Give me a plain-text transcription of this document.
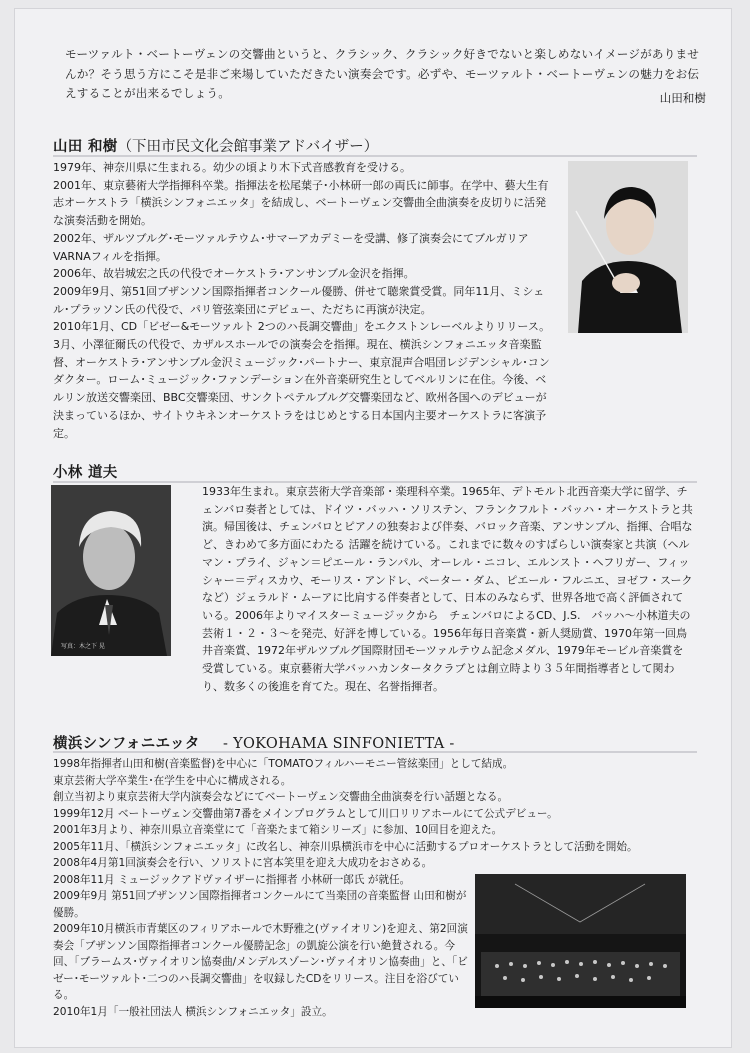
モーツァルト・ベートーヴェンの交響曲というと、クラシック、クラシック好きでないと楽しめないイメージがありませんか？そう思う方にこそ是非ご来場していただきたい演奏会です。必ずや、モーツァルト・ベートーヴェンの魅力をお伝えすることが出来るでしょう。	山田和樹
山田 和樹（下田市民文化会館事業アドバイザー）

1979年、神奈川県に生まれる。幼少の頃より木下式音感教育を受ける。

2001年、東京藝術大学指揮科卒業。指揮法を松尾葉子･小林研一郎の両氏に師事。在学中、藝大生有志オーケストラ「横浜シンフォニエッタ」を結成し、ベートーヴェン交響曲全曲演奏を皮切りに活発な演奏活動を開始。

2002年、ザルツブルグ･モーツァルテウム･サマーアカデミーを受講、修了演奏会にてブルガリアVARNAフィルを指揮。

2006年、故岩城宏之氏の代役でオーケストラ･アンサンブル金沢を指揮。

2009年9月、第51回ブザンソン国際指揮者コンクール優勝、併せて聴衆賞受賞。同年11月、ミシェル･プラッソン氏の代役で、パリ管弦楽団にデビュー、ただちに再演が決定。

2010年1月、CD「ビゼー&モーツァルト 2つのハ長調交響曲」をエクストンレーベルよりリリース。3月、小澤征爾氏の代役で、カザルスホールでの演奏会を指揮。現在、横浜シンフォニエッタ音楽監督、オーケストラ･アンサンブル金沢ミュージック･パートナー、東京混声合唱団レジデンシャル･コンダクター。ローム･ミュージック･ファンデーション在外音楽研究生としてベルリンに在住。今後、ベルリン放送交響楽団、BBC交響楽団、サンクトペテルブルグ交響楽団など、欧州各国へのデビューが決まっているほか、サイトウキネンオーケストラをはじめとする日本国内主要オーケストラに客演予定。

小林 道夫
写真：木之下 晃
1933年生まれ。東京芸術大学音楽部・楽理科卒業。1965年、デトモルト北西音楽大学に留学、チェンバロ奏者としては、ドイツ・バッハ・ソリステン、フランクフルト・バッハ・オーケストラと共演。帰国後は、チェンバロとピアノの独奏および伴奏、バロック音楽、アンサンブル、指揮、合唱など、きわめて多方面にわたる 活躍を続けている。これまでに数々のすばらしい演奏家と共演（ヘルマン・プライ、ジャン＝ピエール・ランパル、オーレル・ニコレ、エルンスト・ヘフリガー、フィッシャー＝ディスカウ、モーリス・アンドレ、ペーター・ダム、ピエール・フルニエ、ヨゼフ・スークなど）ジェラルド・ムーアに比肩する伴奏者として、日本のみならず、世界各地で高く評価されている。2006年よりマイスターミュージックから　チェンバロによるCD、J.S.　バッハ〜小林道夫の芸術１・２・３〜を発売、好評を博している。1956年毎日音楽賞・新人奨励賞、1970年第一回鳥井音楽賞、1972年ザルツブルグ国際財団モーツァルテウム記念メダル、1979年モービル音楽賞を受賞している。東京藝術大学バッハカンタータクラブとは創立時より３５年間指導者として関わり、数多くの後進を育てた。現在、名誉指揮者。
横浜シンフォニエッタ - YOKOHAMA SINFONIETTA -

1998年指揮者山田和樹(音楽監督)を中心に「TOMATOフィルハーモニー管絃楽団」として結成。

東京芸術大学卒業生･在学生を中心に構成される。

創立当初より東京芸術大学内演奏会などにてベートーヴェン交響曲全曲演奏を行い話題となる。

1999年12月 ベートーヴェン交響曲第7番をメインプログラムとして川口リリアホールにて公式デビュー。

2001年3月より、神奈川県立音楽堂にて「音楽たまて箱シリーズ」に参加、10回目を迎えた。

2005年11月、「横浜シンフォニエッタ」に改名し、神奈川県横浜市を中心に活動するプロオーケストラとして活動を開始。

2008年4月第1回演奏会を行い、ソリストに宮本笑里を迎え大成功をおさめる。

2008年11月 ミュージックアドヴァイザーに指揮者 小林研一郎氏 が就任。

2009年9月 第51回ブザンソン国際指揮者コンクールにて当楽団の音楽監督 山田和樹が優勝。

2009年10月横浜市青葉区のフィリアホールで木野雅之(ヴァイオリン)を迎え、第2回演奏会「ブザンソン国際指揮者コンクール優勝記念」の凱旋公演を行い絶賛される。今回、「ブラームス･ヴァイオリン協奏曲/メンデルスゾーン･ヴァイオリン協奏曲」と、「ビゼー･モーツァルト･二つのハ長調交響曲」を収録したCDをリリース。注目を浴びている。

2010年1月「一般社団法人 横浜シンフォニエッタ」設立。
